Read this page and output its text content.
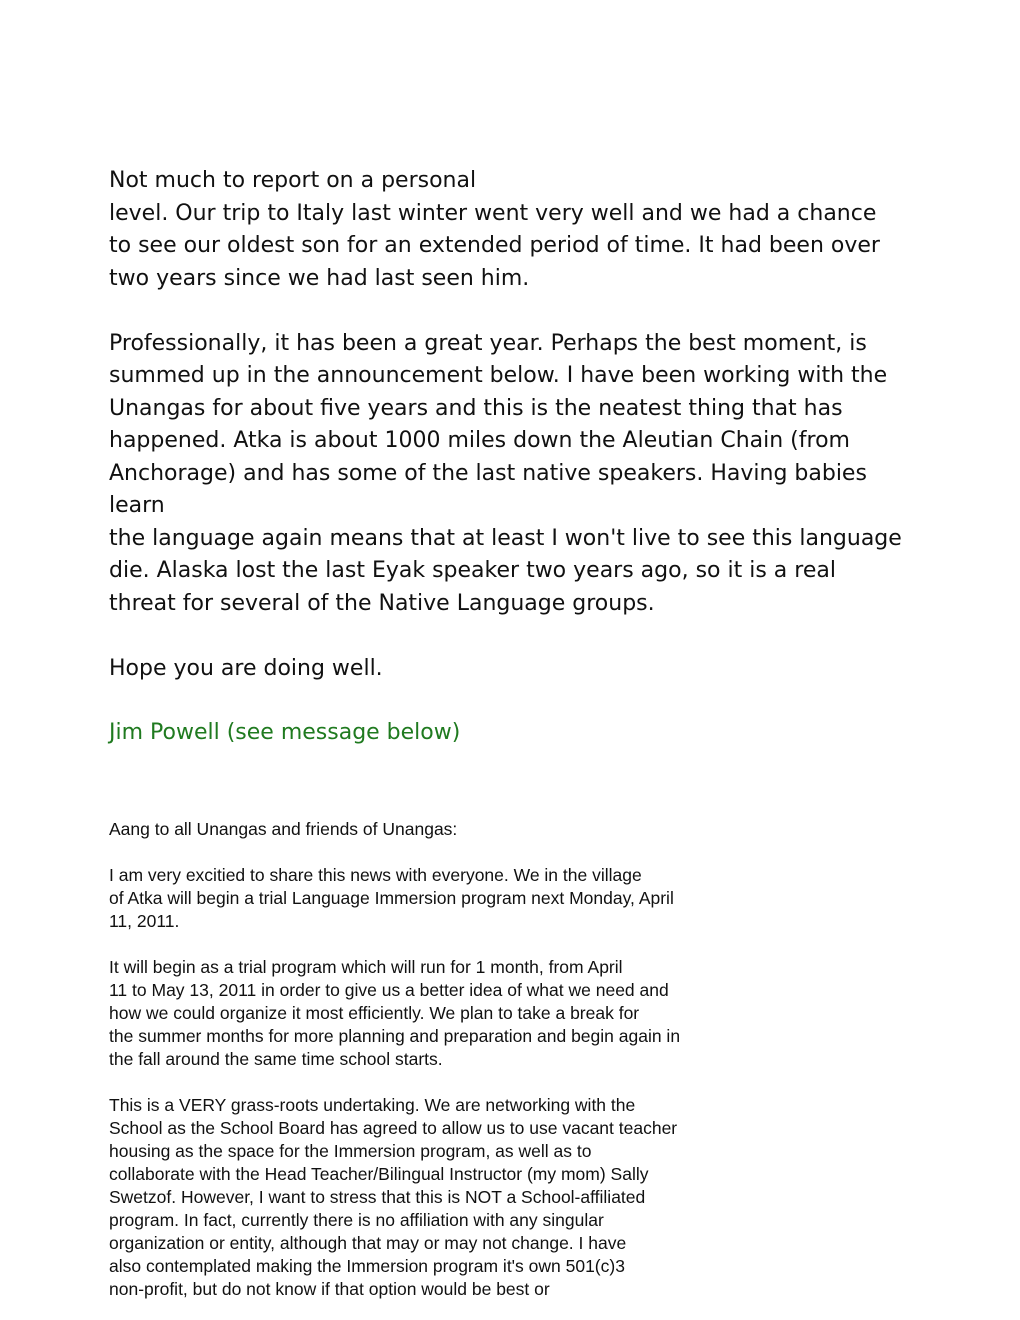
Not much to report on a personal
level. Our trip to Italy last winter went very well and we had a chance
to see our oldest son for an extended period of time. It had been over
two years since we had last seen him.
Professionally, it has been a great year. Perhaps the best moment, is
summed up in the announcement below. I have been working with the
Unangas for about five years and this is the neatest thing that has
happened. Atka is about 1000 miles down the Aleutian Chain (from
Anchorage) and has some of the last native speakers. Having babies
learn
the language again means that at least I won't live to see this language
die. Alaska lost the last Eyak speaker two years ago, so it is a real
threat for several of the Native Language groups.
Hope you are doing well.
Jim Powell (see message below)
Aang to all Unangas and friends of Unangas:
I am very excitied to share this news with everyone. We in the village
of Atka will begin a trial Language Immersion program next Monday, April
11, 2011.
It will begin as a trial program which will run for 1 month, from April
11 to May 13, 2011 in order to give us a better idea of what we need and
how we could organize it most efficiently. We plan to take a break for
the summer months for more planning and preparation and begin again in
the fall around the same time school starts.
This is a VERY grass-roots undertaking. We are networking with the
School as the School Board has agreed to allow us to use vacant teacher
housing as the space for the Immersion program, as well as to
collaborate with the Head Teacher/Bilingual Instructor (my mom) Sally
Swetzof. However, I want to stress that this is NOT a School-affiliated
program. In fact, currently there is no affiliation with any singular
organization or entity, although that may or may not change. I have
also contemplated making the Immersion program it's own 501(c)3
non-profit, but do not know if that option would be best or
